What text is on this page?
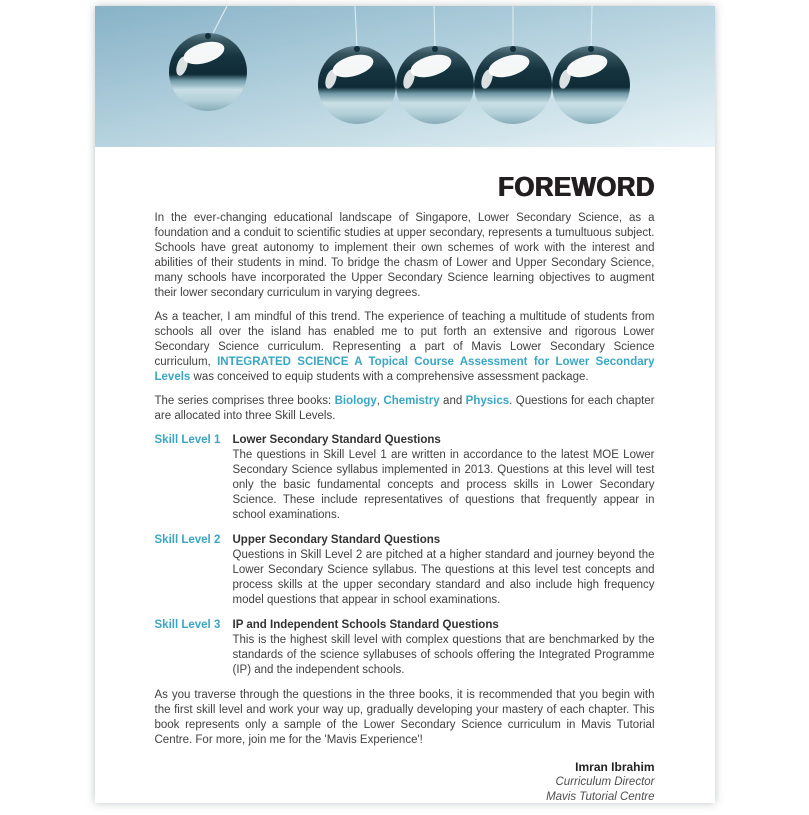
FOREWORD

In the ever-changing educational landscape of Singapore, Lower Secondary Science, as a foundation and a conduit to scientific studies at upper secondary, represents a tumultuous subject. Schools have great autonomy to implement their own schemes of work with the interest and abilities of their students in mind. To bridge the chasm of Lower and Upper Secondary Science, many schools have incorporated the Upper Secondary Science learning objectives to augment their lower secondary curriculum in varying degrees.

As a teacher, I am mindful of this trend. The experience of teaching a multitude of students from schools all over the island has enabled me to put forth an extensive and rigorous Lower Secondary Science curriculum. Representing a part of Mavis Lower Secondary Science curriculum, INTEGRATED SCIENCE A Topical Course Assessment for Lower Secondary Levels was conceived to equip students with a comprehensive assessment package.

The series comprises three books: Biology, Chemistry and Physics. Questions for each chapter are allocated into three Skill Levels.

Skill Level 1	Lower Secondary Standard Questions

The questions in Skill Level 1 are written in accordance to the latest MOE Lower Secondary Science syllabus implemented in 2013. Questions at this level will test only the basic fundamental concepts and process skills in Lower Secondary Science. These include representatives of questions that frequently appear in school examinations.

Skill Level 2	Upper Secondary Standard Questions

Questions in Skill Level 2 are pitched at a higher standard and journey beyond the Lower Secondary Science syllabus. The questions at this level test concepts and process skills at the upper secondary standard and also include high frequency model questions that appear in school examinations.

Skill Level 3	IP and Independent Schools Standard Questions

This is the highest skill level with complex questions that are benchmarked by the standards of the science syllabuses of schools offering the Integrated Programme (IP) and the independent schools.

As you traverse through the questions in the three books, it is recommended that you begin with the first skill level and work your way up, gradually developing your mastery of each chapter. This book represents only a sample of the Lower Secondary Science curriculum in Mavis Tutorial Centre. For more, join me for the 'Mavis Experience'!

Imran Ibrahim
Curriculum Director
Mavis Tutorial Centre
